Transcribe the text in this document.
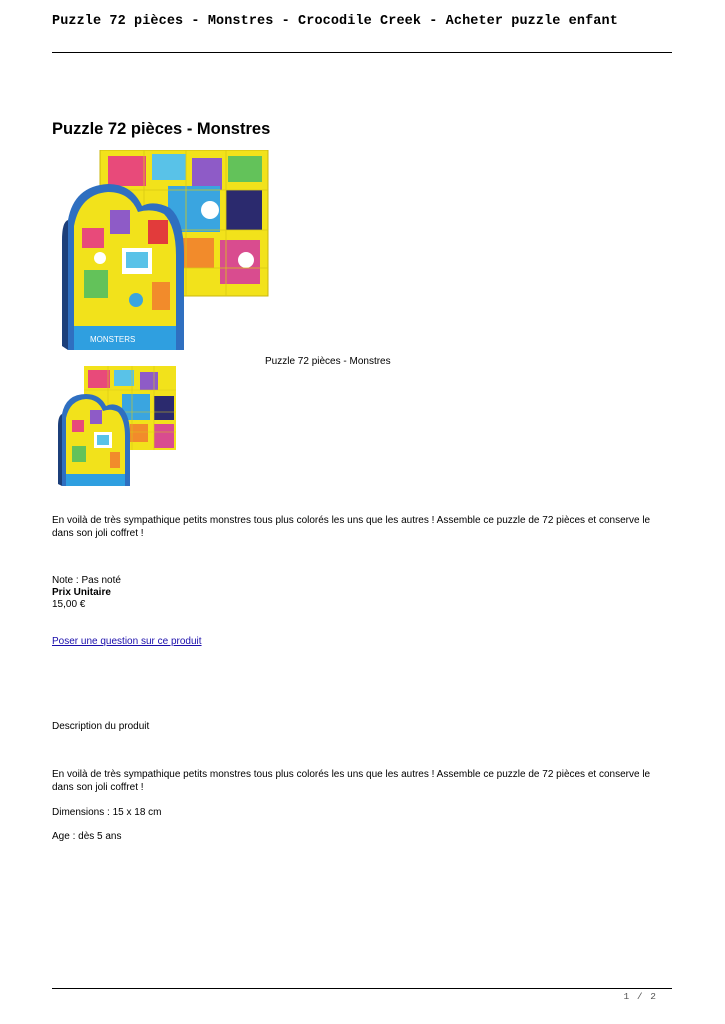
Puzzle 72 pièces - Monstres - Crocodile Creek - Acheter puzzle enfant
Puzzle 72 pièces - Monstres
MONSTERS
Puzzle 72 pièces - Monstres
En voilà de très sympathique petits monstres tous plus colorés les uns que les autres ! Assemble ce puzzle de 72 pièces et conserve le dans son joli coffret !
Note : Pas noté
Prix Unitaire
15,00 €
Poser une question sur ce produit
Description du produit
En voilà de très sympathique petits monstres tous plus colorés les uns que les autres ! Assemble ce puzzle de 72 pièces et conserve le dans son joli coffret !
Dimensions : 15 x 18 cm
Age : dès 5 ans
1 / 2
